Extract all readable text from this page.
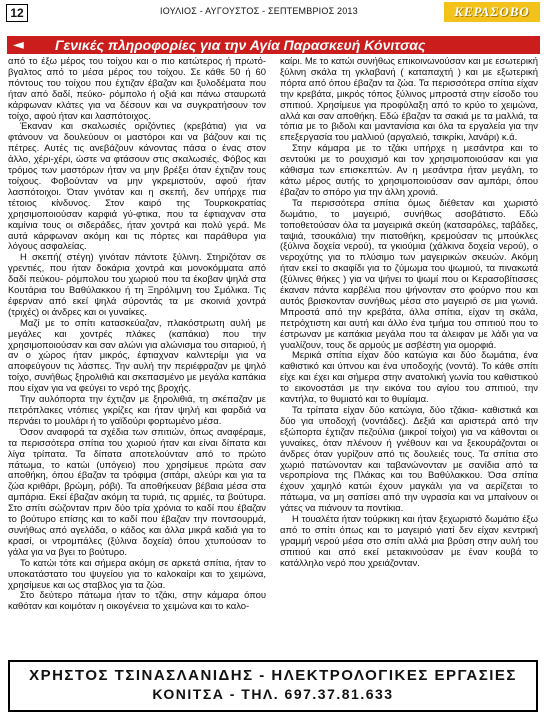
12	ΙΟΥΛΙΟΣ - ΑΥΓΟΥΣΤΟΣ - ΣΕΠΤΕΜΒΡΙΟΣ 2013	ΚΕΡΑΣΟΒΟ
◄	Γενικές πληροφορίες για την Αγία Παρασκευή Κόνιτσας

από το έξω μέρος του τοίχου και ο πιο κατώτερος ή πρωτό-βγαλτος από το μέσα μέρος του τοίχου. Σε κάθε 50 ή 60 πόντους του τοίχου που έχτιζαν έβαζαν και ξυλοδέματα που ήταν από δαδί, πεύκο- ρόμπολο ή οξιά και πάνω σταυρωτά κάρφωναν κλάτες για να δέσουν και να συγκρατήσουν τον τοίχο, αφού ήταν και λασπότοιχος.

Έκαναν και σκαλωσιές οριζόντιες (κρεβάτια) για να φτάνουν να δουλεύουν οι μαστόροι και να βάζουν και τις πέτρες. Αυτές τις ανεβάζουν κάνοντας πάσα ο ένας στον άλλο, χέρι-χέρι, ώστε να φτάσουν στις σκαλωσιές. Φόβος και τρόμος των μαστόρων ήταν να μην βρέξει όταν έχτιζαν τους τοίχους. Φοβούνταν να μην γκρεμιστούν, αφού ήταν λασπότοιχοι. Όταν γινόταν και η σκεπή, δεν υπήρχε πια τέτοιος κίνδυνος. Στον καιρό της Τουρκοκρατίας χρησιμοποιούσαν καρφιά γύ-φτικα, που τα έφτιαχναν στα καμίνια τους οι σιδεράδες, ήταν χοντρά και πολύ γερά. Με αυτά κάρφωναν ακόμη και τις πόρτες και παράθυρα για λόγους ασφαλείας.

Η σκεπή( στέγη) γινόταν πάντοτε ξύλινη. Στηριζόταν σε γρεντιές, που ήταν δοκάρια χοντρά και μονοκόμματα από δαδί πεύκου- ρόμπολου του χωριού που τα έκοβαν ψηλά στα Κουτάρια του Βαθύλακκου ή τη Ξηρόλιμνη του Σμόλικα. Τις έφερναν από εκεί ψηλά σύροντάς τα με σκοινιά χοντρά (τριχές) οι άνδρες και οι γυναίκες.

Μαζί με το σπίτι κατασκεύαζαν, πλακόστρωτη αυλή με μεγάλες και χοντρές πλάκες (καπάκια) που την χρησιμοποιούσαν και σαν αλώνι για αλώνισμα του σιταριού, ή αν ο χώρος ήταν μικρός, έφτιαχναν καλντερίμι για να αποφεύγουν τις λάσπες. Την αυλή την περιέφραζαν με ψηλό τοίχο, συνήθως ξηρολιθιά και σκεπασμένο με μεγάλα καπάκια που είχαν για να φεύγει το νερό της βροχής.

Την αυλόπορτα την έχτιζαν με ξηρολιθιά, τη σκέπαζαν με πετρόπλακες ντόπιες γκρίζες και ήταν ψηλή και φαρδιά να περνάει το μουλάρι ή το γαϊδούρι φορτωμένο μέσα.

Όσον αναφορά τα σχέδια των σπιτιών, όπως αναφέραμε, τα περισσότερα σπίτια του χωριού ήταν και είναι δίπατα και λίγα τρίπατα. Τα δίπατα αποτελούνταν από το πρώτο πάτωμα, το κατώι (υπόγειο) που χρησίμευε πρώτα σαν αποθήκη, όπου έβαζαν τα τρόφιμα (σιτάρι, αλεύρι και για τα ζώα κριθάρι, βρώμη, ρόβι). Τα αποθήκευαν βέβαια μέσα στα αμπάρια. Εκεί έβαζαν ακόμη τα τυριά, τις αρμιές, τα βούτυρα. Στο σπίτι σώζονταν πριν δύο τρία χρόνια το καδί που έβαζαν το βούτυρο επίσης και το καδί που έβαζαν την ποντσουρμά, συνήθως από αγελάδα, ο κάδος και άλλα μικρά καδιά για το κρασί, οι ντρομπάλες (ξύλινα δοχεία) όπου χτυπούσαν το γάλα για να βγει το βούτυρο.

Το κατώι τότε και σήμερα ακόμη σε αρκετά σπίτια, ήταν το υποκατάστατο του ψυγείου για το καλοκαίρι και το χειμώνα, χρησίμευε και ως σταβλος για τα ζώα.

Στο δεύτερο πάτωμα ήταν το τζάκι, στην κάμαρα όπου καθόταν και κοιμόταν η οικογένεια το χειμώνα και το καλο-

καίρι. Με το κατώι συνήθως επικοινωνούσαν και με εσωτερική ξύλινη σκάλα τη γκλαβανή ( καταπαχτή ) και με εξωτερική πόρτα από όπου έβαζαν τα ζώα. Τα περισσότερα σπίτια είχαν την κρεβάτα, μικρός τόπος ξύλινος μπροστά στην είσοδο του σπιτιού. Χρησίμευε για προφύλαξη από το κρύο το χειμώνα, αλλά και σαν αποθήκη. Εδώ έβαζαν τα σακιά με τα μαλλιά, τα τόπια με το βιδολι και μαντανίσια και όλα τα εργαλεία για την επεξεργασία του μαλλιού (αργαλειό, τσικρίκι, λανάρι) κ.ά.

Στην κάμαρα με το τζάκι υπήρχε η μεσάντρα και το σεντούκι με το ρουχισμό και τον χρησιμοποιούσαν και για κάθισμα των επισκεπτών. Αν η μεσάντρα ήταν μεγάλη, το κάτω μέρος αυτής το χρησιμοποιούσαν σαν αμπάρι, όπου έβαζαν το σπόρο για την άλλη χρονιά.

Τα περισσότερα σπίτια όμως διέθεταν και χωριστό δωμάτιο, το μαγειριό, συνήθως ασοβάτιστο. Εδώ τοποθετούσαν όλα τα μαγειρικά σκεύη (κατσαρόλες, ταβάδες, ταψιά, τσουκάλια) την πιατοθήκη, κρεμούσαν τις μπούκλες (ξύλινα δοχεία νερού), τα γκιούμια (χάλκινα δοχεία νερού), ο νεροχύτης για το πλύσιμο των μαγειρικών σκευών. Ακόμη ήταν εκεί το σκαφίδι για το ζύμωμα του ψωμιού, τα πινακωτά (ξύλινες θήκες ) για να ψήνει το ψωμί που οι Κερασοβίτισσες έκαναν πάντα καρβέλια που ψήνονταν στο φούρνο που και αυτός βρισκονταν συνήθως μέσα στο μαγειριό σε μια γωνιά. Μπροστά από την κρεβάτα, άλλα σπίτια, είχαν τη σκάλα, πετρόχτιστη και αυτή και άλλο ένα τμήμα του σπιτιού που το έστρωναν με καπάκια μεγάλα που τα άλειφαν με λάδι για να γυαλίζουν, τους δε αρμούς με ασβέστη για ομορφιά.

Μερικά σπίτια είχαν δύο κατώγια και δύο δωμάτια, ένα καθιστικό και ύπνου και ένα υποδοχής (νοντά). Το κάθε σπίτι είχε και έχει και σήμερα στην ανατολική γωνία του καθιστικού το εικονοστάσι με την εικόνα του αγίου του σπιτιού, την καντήλα, το θυμιατό και το θυμίαμα.

Τα τρίπατα είχαν δύο κατώγια, δύο τζάκια- καθιστικά και δύο για υποδοχή (νοντάδες). Δεξιά και αριστερά από την εξώπορτα έχτιζαν πεζούλια (μικροί τοίχοι) για να κάθονται οι γυναίκες, όταν πλένουν ή γνέθουν και να ξεκουράζονται οι άνδρες όταν γυρίζουν από τις δουλειές τους. Τα σπίτια στο χωριό πατώνονταν και ταβανώνονταν με σανίδια από τα νεροπρίονα της Πλάκας και του Βαθύλακκου. Όσα σπίτια έχουν χαμηλό κατώι έχουν μαγκάλι για να αερίζεται το πάτωμα, να μη σαπίσει από την υγρασία και να μπαίνουν οι γάτες να πιάνουν τα ποντίκια.

Η τουαλέτα ήταν τούρκικη και ήταν ξεχωριστό δωμάτιο έξω από το σπίτι όπως και το μαγειριό γιατί δεν είχαν κεντρική γραμμή νερού μέσα στο σπίτι αλλά μια βρύση στην αυλή του σπιτιού και από εκεί μετακινούσαν με έναν κουβά το κατάλληλο νερό που χρειάζονταν.

ΧΡΗΣΤΟΣ ΤΣΙΝΑΣΛΑΝΙΔΗΣ - ΗΛΕΚΤΡΟΛΟΓΙΚΕΣ ΕΡΓΑΣΙΕΣ
ΚΟΝΙΤΣΑ - ΤΗΛ. 697.37.81.633
